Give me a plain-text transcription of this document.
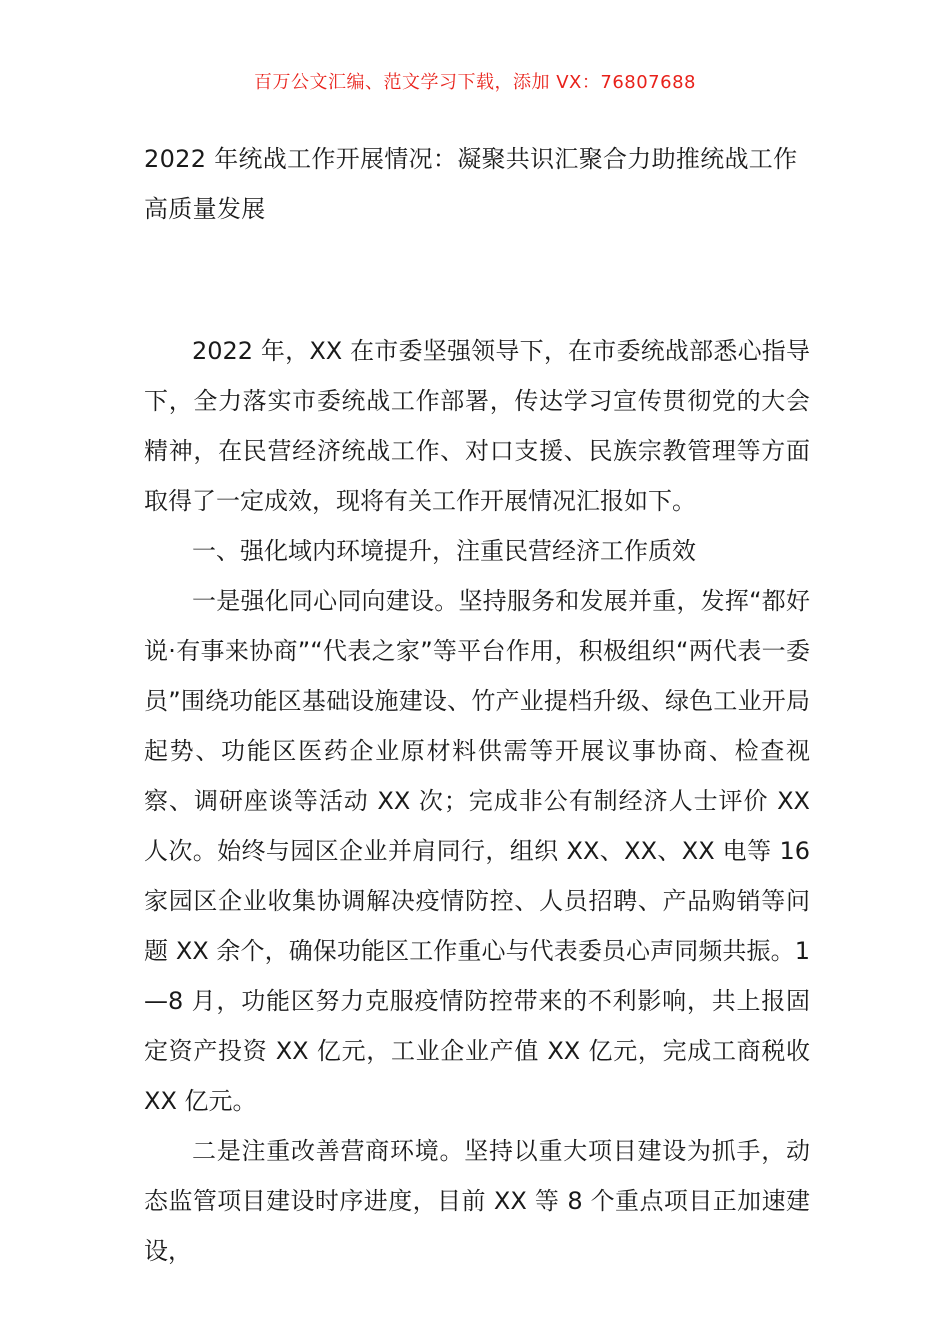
百万公文汇编、范文学习下载，添加 VX：76807688
2022 年统战工作开展情况：凝聚共识汇聚合力助推统战工作高质量发展

2022 年，XX 在市委坚强领导下，在市委统战部悉心指导下，全力落实市委统战工作部署，传达学习宣传贯彻党的大会精神，在民营经济统战工作、对口支援、民族宗教管理等方面取得了一定成效，现将有关工作开展情况汇报如下。

一、强化域内环境提升，注重民营经济工作质效

一是强化同心同向建设。坚持服务和发展并重，发挥“都好说·有事来协商”“代表之家”等平台作用，积极组织“两代表一委员”围绕功能区基础设施建设、竹产业提档升级、绿色工业开局起势、功能区医药企业原材料供需等开展议事协商、检查视察、调研座谈等活动 XX 次；完成非公有制经济人士评价 XX 人次。始终与园区企业并肩同行，组织 XX、XX、XX 电等 16 家园区企业收集协调解决疫情防控、人员招聘、产品购销等问题 XX 余个，确保功能区工作重心与代表委员心声同频共振。1—8 月，功能区努力克服疫情防控带来的不利影响，共上报固定资产投资 XX 亿元，工业企业产值 XX 亿元，完成工商税收 XX 亿元。

二是注重改善营商环境。坚持以重大项目建设为抓手，动态监管项目建设时序进度，目前 XX 等 8 个重点项目正加速建设，
